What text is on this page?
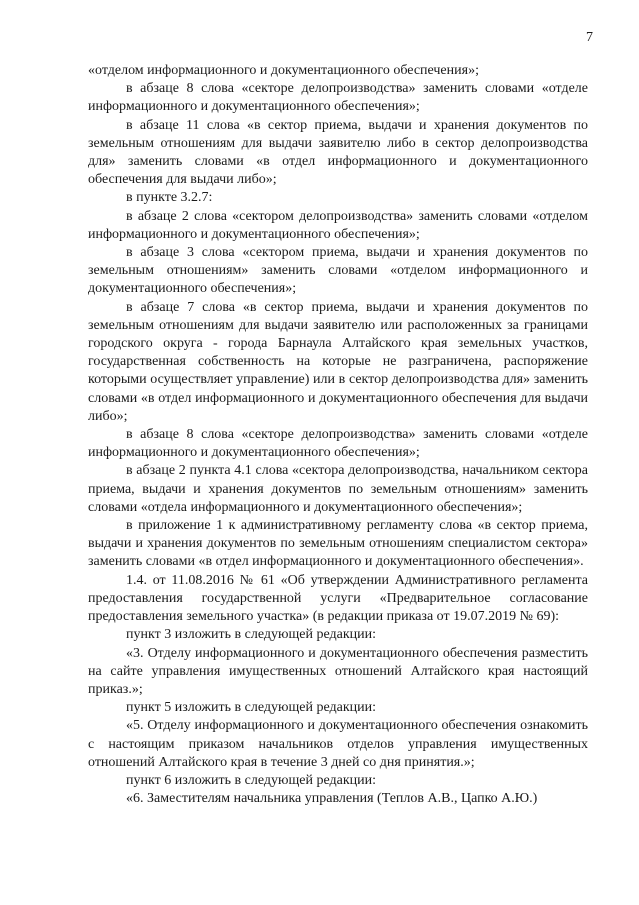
7

«отделом информационного и документационного обеспечения»;

в абзаце 8 слова «секторе делопроизводства» заменить словами «отделе информационного и документационного обеспечения»;

в абзаце 11 слова «в сектор приема, выдачи и хранения документов по земельным отношениям для выдачи заявителю либо в сектор делопроизводства для» заменить словами «в отдел информационного и документационного обеспечения для выдачи либо»;

в пункте 3.2.7:

в абзаце 2 слова «сектором делопроизводства» заменить словами «отделом информационного и документационного обеспечения»;

в абзаце 3 слова «сектором приема, выдачи и хранения документов по земельным отношениям» заменить словами «отделом информационного и документационного обеспечения»;

в абзаце 7 слова «в сектор приема, выдачи и хранения документов по земельным отношениям для выдачи заявителю или расположенных за границами городского округа - города Барнаула Алтайского края земельных участков, государственная собственность на которые не разграничена, распоряжение которыми осуществляет управление) или в сектор делопроизводства для» заменить словами «в отдел информационного и документационного обеспечения для выдачи либо»;

в абзаце 8 слова «секторе делопроизводства» заменить словами «отделе информационного и документационного обеспечения»;

в абзаце 2 пункта 4.1 слова «сектора делопроизводства, начальником сектора приема, выдачи и хранения документов по земельным отношениям» заменить словами «отдела информационного и документационного обеспечения»;

в приложение 1 к административному регламенту слова «в сектор приема, выдачи и хранения документов по земельным отношениям специалистом сектора» заменить словами «в отдел информационного и документационного обеспечения».

1.4. от 11.08.2016 № 61 «Об утверждении Административного регламента предоставления государственной услуги «Предварительное согласование предоставления земельного участка» (в редакции приказа от 19.07.2019 № 69):

пункт 3 изложить в следующей редакции:

«3. Отделу информационного и документационного обеспечения разместить на сайте управления имущественных отношений Алтайского края настоящий приказ.»;

пункт 5 изложить в следующей редакции:

«5. Отделу информационного и документационного обеспечения ознакомить с настоящим приказом начальников отделов управления имущественных отношений Алтайского края в течение 3 дней со дня принятия.»;

пункт 6 изложить в следующей редакции:

«6. Заместителям начальника управления (Теплов А.В., Цапко А.Ю.)
